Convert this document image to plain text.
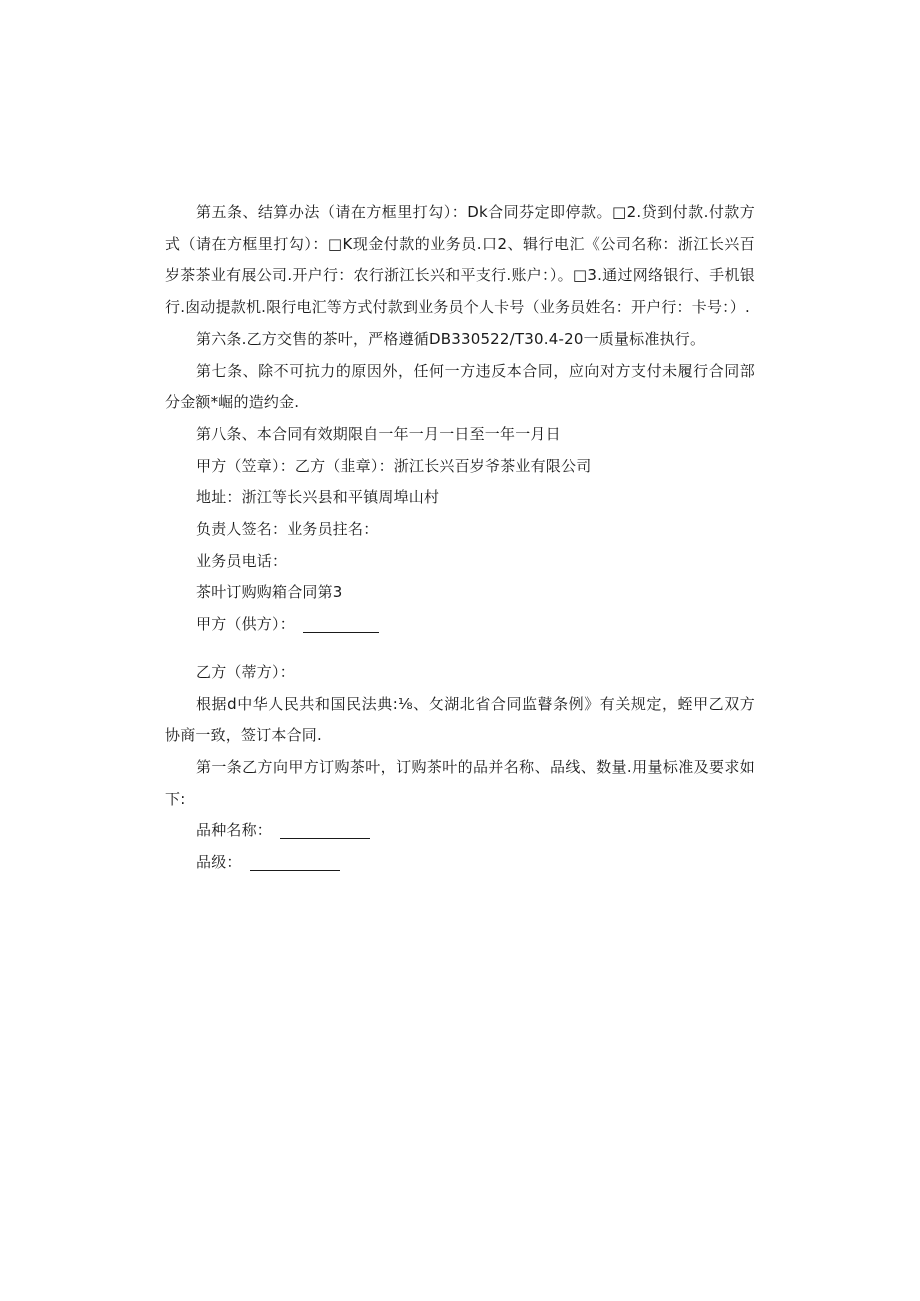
第五条、结算办法（请在方框里打勾）：Dk合同芬定即停款。□2.贷到付款.付款方式（请在方框里打勾）：□K现金付款的业务员.口2、辑行电汇《公司名称：浙江长兴百岁茶茶业有展公司.开户行：农行浙江长兴和平支行.账户：）。□3.通过网络银行、手机银行.囱动提款机.限行电汇等方式付款到业务员个人卡号（业务员姓名：开户行：卡号：）.

第六条.乙方交售的茶叶，严格遵循DB330522∕T30.4-20一质量标准执行。

第七条、除不可抗力的原因外，任何一方违反本合同，应向对方支付未履行合同部分金额*崛的造约金.

第八条、本合同有效期限自一年一月一日至一年一月日

甲方（笠章）：乙方（韭章）：浙江长兴百岁爷茶业有限公司

地址：浙江等长兴县和平镇周埠山村

负责人签名：业务员拄名：

业务员电话：

茶叶订购购箱合同第3

甲方（供方）：

乙方（蒂方）：

根据d中华人民共和国民法典:⅛、攵湖北省合同监瞽条例》有关规定，蛭甲乙双方协商一致，签订本合同.

第一条乙方向甲方订购茶叶，订购茶叶的品并名称、品线、数量.用量标准及要求如下:

品种名称：

品级：
